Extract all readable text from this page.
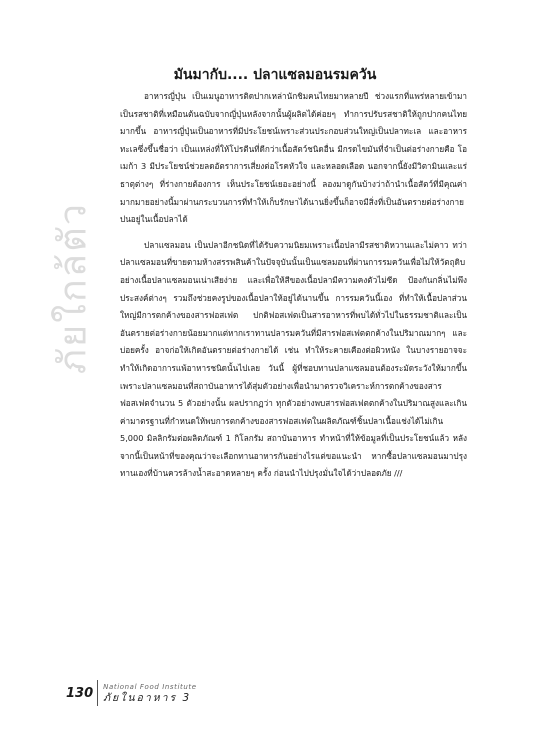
ภัยใกล้ตัว
มันมากับ.... ปลาแซลมอนรมควัน

อาหารญี่ปุ่น เป็นเมนูอาหารติดปากเหล่านักชิมคนไทยมาหลายปี ช่วงแรกที่แพร่หลายเข้ามาเป็นรสชาติที่เหมือนต้นฉบับจากญี่ปุ่นหลังจากนั้นผู้ผลิตได้ค่อยๆ ทำการปรับรสชาติให้ถูกปากคนไทยมากขึ้น อาหารญี่ปุ่นเป็นอาหารที่มีประโยชน์เพราะส่วนประกอบส่วนใหญ่เป็นปลาทะเล และอาหารทะเลซึ่งขึ้นชื่อว่า เป็นแหล่งที่ให้โปรตีนที่ดีกว่าเนื้อสัตว์ชนิดอื่น มีกรดไขมันที่จำเป็นต่อร่างกายคือ โอเมก้า 3 มีประโยชน์ช่วยลดอัตราการเสี่ยงต่อโรคหัวใจ และหลอดเลือด นอกจากนี้ยังมีวิตามินและแร่ธาตุต่างๆ ที่ร่างกายต้องการ เห็นประโยชน์เยอะอย่างนี้ ลองมาดูกันบ้างว่าถ้านำเนื้อสัตว์ที่มีคุณค่ามากมายอย่างนี้มาผ่านกระบวนการที่ทำให้เก็บรักษาได้นานยิ่งขึ้นก็อาจมีสิ่งที่เป็นอันตรายต่อร่างกายปนอยู่ในเนื้อปลาได้

ปลาแซลมอน เป็นปลาอีกชนิดที่ได้รับความนิยมเพราะเนื้อปลามีรสชาติหวานและไม่คาว ทว่าปลาแซลมอนที่ขายตามห้างสรรพสินค้าในปัจจุบันนั้นเป็นแซลมอนที่ผ่านการรมควันเพื่อไม่ให้วัตถุดิบอย่างเนื้อปลาแซลมอนเน่าเสียง่าย และเพื่อให้สีของเนื้อปลามีความคงตัวไม่ซีด ป้องกันกลิ่นไม่พึงประสงค์ต่างๆ รวมถึงช่วยคงรูปของเนื้อปลาให้อยู่ได้นานขึ้น การรมควันนี้เอง ที่ทำให้เนื้อปลาส่วนใหญ่มีการตกค้างของสารฟอสเฟต ปกติฟอสเฟตเป็นสารอาหารที่พบได้ทั่วไปในธรรมชาติและเป็นอันตรายต่อร่างกายน้อยมากแต่หากเราทานปลารมควันที่มีสารฟอสเฟตตกค้างในปริมาณมากๆ และบ่อยครั้ง อาจก่อให้เกิดอันตรายต่อร่างกายได้ เช่น ทำให้ระคายเคืองต่อผิวหนัง ในบางรายอาจจะทำให้เกิดอาการแพ้อาหารชนิดนั้นไปเลย วันนี้ ผู้ที่ชอบทานปลาแซลมอนต้องระมัดระวังให้มากขึ้นเพราะปลาแซลมอนที่สถาบันอาหารได้สุ่มตัวอย่างเพื่อนำมาตรวจวิเคราะห์การตกค้างของสารฟอสเฟตจำนวน 5 ตัวอย่างนั้น ผลปรากฏว่า ทุกตัวอย่างพบสารฟอสเฟตตกค้างในปริมาณสูงและเกินค่ามาตรฐานที่กำหนดให้พบการตกค้างของสารฟอสเฟตในผลิตภัณฑ์ชิ้นปลาเนื้อแช่งได้ไม่เกิน 5,000 มิลลิกรัมต่อผลิตภัณฑ์ 1 กิโลกรัม สถาบันอาหาร ทำหน้าที่ให้ข้อมูลที่เป็นประโยชน์แล้ว หลังจากนี้เป็นหน้าที่ของคุณว่าจะเลือกทานอาหารกันอย่างไรแต่ขอแนะนำ หากซื้อปลาแซลมอนมาปรุงทานเองที่บ้านควรล้างน้ำสะอาดหลายๆ ครั้ง ก่อนนำไปปรุงมั่นใจได้ว่าปลอดภัย ///

130 National Food Institute
ภัยในอาหาร 3
